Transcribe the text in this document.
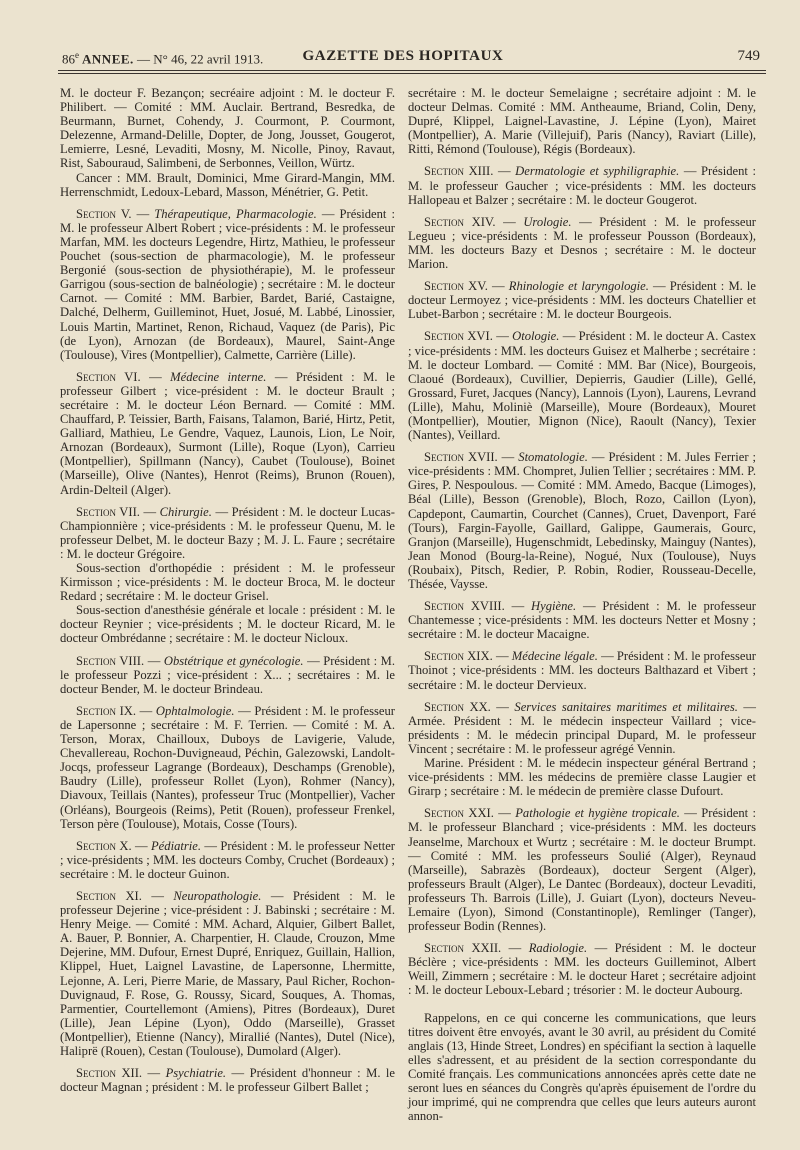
86e ANNEE. — N° 46, 22 avril 1913.	GAZETTE DES HOPITAUX	749

M. le docteur F. Bezançon; secréaire adjoint : M. le docteur F. Philibert. — Comité : MM. Auclair. Bertrand, Besredka, de Beurmann, Burnet, Cohendy, J. Courmont, P. Courmont, Delezenne, Armand-Delille, Dopter, de Jong, Jousset, Gougerot, Lemierre, Lesné, Levaditi, Mosny, M. Nicolle, Pinoy, Ravaut, Rist, Sabouraud, Salimbeni, de Serbonnes, Veillon, Würtz.

Cancer : MM. Brault, Dominici, Mme Girard-Mangin, MM. Herrenschmidt, Ledoux-Lebard, Masson, Ménétrier, G. Petit.

Section V. — Thérapeutique, Pharmacologie. — Président : M. le professeur Albert Robert ; vice-présidents : M. le professeur Marfan, MM. les docteurs Legendre, Hirtz, Mathieu, le professeur Pouchet (sous-section de pharmacologie), M. le professeur Bergonié (sous-section de physiothérapie), M. le professeur Garrigou (sous-section de balnéologie) ; secrétaire : M. le docteur Carnot. — Comité : MM. Barbier, Bardet, Barié, Castaigne, Dalché, Delherm, Guilleminot, Huet, Josué, M. Labbé, Linossier, Louis Martin, Martinet, Renon, Richaud, Vaquez (de Paris), Pic (de Lyon), Arnozan (de Bordeaux), Maurel, Saint-Ange (Toulouse), Vires (Montpellier), Calmette, Carrière (Lille).

Section VI. — Médecine interne. — Président : M. le professeur Gilbert ; vice-président : M. le docteur Brault ; secrétaire : M. le docteur Léon Bernard. — Comité : MM. Chauffard, P. Teissier, Barth, Faisans, Talamon, Barié, Hirtz, Petit, Galliard, Mathieu, Le Gendre, Vaquez, Launois, Lion, Le Noir, Arnozan (Bordeaux), Surmont (Lille), Roque (Lyon), Carrieu (Montpellier), Spillmann (Nancy), Caubet (Toulouse), Boinet (Marseille), Olive (Nantes), Henrot (Reims), Brunon (Rouen), Ardin-Delteil (Alger).

Section VII. — Chirurgie. — Président : M. le docteur Lucas-Championnière ; vice-présidents : M. le professeur Quenu, M. le professeur Delbet, M. le docteur Bazy ; M. J. L. Faure ; secrétaire : M. le docteur Grégoire.

Sous-section d'orthopédie : président : M. le professeur Kirmisson ; vice-présidents : M. le docteur Broca, M. le docteur Redard ; secrétaire : M. le docteur Grisel.

Sous-section d'anesthésie générale et locale : président : M. le docteur Reynier ; vice-présidents ; M. le docteur Ricard, M. le docteur Ombrédanne ; secrétaire : M. le docteur Nicloux.

Section VIII. — Obstétrique et gynécologie. — Président : M. le professeur Pozzi ; vice-président : X... ; secrétaires : M. le docteur Bender, M. le docteur Brindeau.

Section IX. — Ophtalmologie. — Président : M. le professeur de Lapersonne ; secrétaire : M. F. Terrien. — Comité : M. A. Terson, Morax, Chailloux, Duboys de Lavigerie, Valude, Chevallereau, Rochon-Duvigneaud, Péchin, Galezowski, Landolt-Jocqs, professeur Lagrange (Bordeaux), Deschamps (Grenoble), Baudry (Lille), professeur Rollet (Lyon), Rohmer (Nancy), Diavoux, Teillais (Nantes), professeur Truc (Montpellier), Vacher (Orléans), Bourgeois (Reims), Petit (Rouen), professeur Frenkel, Terson père (Toulouse), Motais, Cosse (Tours).

Section X. — Pédiatrie. — Président : M. le professeur Netter ; vice-présidents ; MM. les docteurs Comby, Cruchet (Bordeaux) ; secrétaire : M. le docteur Guinon.

Section XI. — Neuropathologie. — Président : M. le professeur Dejerine ; vice-président : J. Babinski ; secrétaire : M. Henry Meige. — Comité : MM. Achard, Alquier, Gilbert Ballet, A. Bauer, P. Bonnier, A. Charpentier, H. Claude, Crouzon, Mme Dejerine, MM. Dufour, Ernest Dupré, Enriquez, Guillain, Hallion, Klippel, Huet, Laignel Lavastine, de Lapersonne, Lhermitte, Lejonne, A. Leri, Pierre Marie, de Massary, Paul Richer, Rochon-Duvignaud, F. Rose, G. Roussy, Sicard, Souques, A. Thomas, Parmentier, Courtellemont (Amiens), Pitres (Bordeaux), Duret (Lille), Jean Lépine (Lyon), Oddo (Marseille), Grasset (Montpellier), Etienne (Nancy), Mirallié (Nantes), Dutel (Nice), Haliprë (Rouen), Cestan (Toulouse), Dumolard (Alger).

Section XII. — Psychiatrie. — Président d'honneur : M. le docteur Magnan ; président : M. le professeur Gilbert Ballet ;

secrétaire : M. le docteur Semelaigne ; secrétaire adjoint : M. le docteur Delmas. Comité : MM. Antheaume, Briand, Colin, Deny, Dupré, Klippel, Laignel-Lavastine, J. Lépine (Lyon), Mairet (Montpellier), A. Marie (Villejuif), Paris (Nancy), Raviart (Lille), Ritti, Rémond (Toulouse), Régis (Bordeaux).

Section XIII. — Dermatologie et syphiligraphie. — Président : M. le professeur Gaucher ; vice-présidents : MM. les docteurs Hallopeau et Balzer ; secrétaire : M. le docteur Gougerot.

Section XIV. — Urologie. — Président : M. le professeur Legueu ; vice-présidents : M. le professeur Pousson (Bordeaux), MM. les docteurs Bazy et Desnos ; secrétaire : M. le docteur Marion.

Section XV. — Rhinologie et laryngologie. — Président : M. le docteur Lermoyez ; vice-présidents : MM. les docteurs Chatellier et Lubet-Barbon ; secrétaire : M. le docteur Bourgeois.

Section XVI. — Otologie. — Président : M. le docteur A. Castex ; vice-présidents : MM. les docteurs Guisez et Malherbe ; secrétaire : M. le docteur Lombard. — Comité : MM. Bar (Nice), Bourgeois, Claoué (Bordeaux), Cuvillier, Depierris, Gaudier (Lille), Gellé, Grossard, Furet, Jacques (Nancy), Lannois (Lyon), Laurens, Levrand (Lille), Mahu, Moliniè (Marseille), Moure (Bordeaux), Mouret (Montpellier), Moutier, Mignon (Nice), Raoult (Nancy), Texier (Nantes), Veillard.

Section XVII. — Stomatologie. — Président : M. Jules Ferrier ; vice-présidents : MM. Chompret, Julien Tellier ; secrétaires : MM. P. Gires, P. Nespoulous. — Comité : MM. Amedo, Bacque (Limoges), Béal (Lille), Besson (Grenoble), Bloch, Rozo, Caillon (Lyon), Capdepont, Caumartin, Courchet (Cannes), Cruet, Davenport, Faré (Tours), Fargin-Fayolle, Gaillard, Galippe, Gaumerais, Gourc, Granjon (Marseille), Hugenschmidt, Lebedinsky, Mainguy (Nantes), Jean Monod (Bourg-la-Reine), Nogué, Nux (Toulouse), Nuys (Roubaix), Pitsch, Redier, P. Robin, Rodier, Rousseau-Decelle, Thésée, Vaysse.

Section XVIII. — Hygiène. — Président : M. le professeur Chantemesse ; vice-présidents : MM. les docteurs Netter et Mosny ; secrétaire : M. le docteur Macaigne.

Section XIX. — Médecine légale. — Président : M. le professeur Thoinot ; vice-présidents : MM. les docteurs Balthazard et Vibert ; secrétaire : M. le docteur Dervieux.

Section XX. — Services sanitaires maritimes et militaires. — Armée. Président : M. le médecin inspecteur Vaillard ; vice-présidents : M. le médecin principal Dupard, M. le professeur Vincent ; secrétaire : M. le professeur agrégé Vennin.

Marine. Président : M. le médecin inspecteur général Bertrand ; vice-présidents : MM. les médecins de première classe Laugier et Girarp ; secrétaire : M. le médecin de première classe Dufourt.

Section XXI. — Pathologie et hygiène tropicale. — Président : M. le professeur Blanchard ; vice-présidents : MM. les docteurs Jeanselme, Marchoux et Wurtz ; secrétaire : M. le docteur Brumpt. — Comité : MM. les professeurs Soulié (Alger), Reynaud (Marseille), Sabrazès (Bordeaux), docteur Sergent (Alger), professeurs Brault (Alger), Le Dantec (Bordeaux), docteur Levaditi, professeurs Th. Barrois (Lille), J. Guiart (Lyon), docteurs Neveu-Lemaire (Lyon), Simond (Constantinople), Remlinger (Tanger), professeur Bodin (Rennes).

Section XXII. — Radiologie. — Président : M. le docteur Béclère ; vice-présidents : MM. les docteurs Guilleminot, Albert Weill, Zimmern ; secrétaire : M. le docteur Haret ; secrétaire adjoint : M. le docteur Leboux-Lebard ; trésorier : M. le docteur Aubourg.

Rappelons, en ce qui concerne les communications, que leurs titres doivent être envoyés, avant le 30 avril, au président du Comité anglais (13, Hinde Street, Londres) en spécifiant la section à laquelle elles s'adressent, et au président de la section correspondante du Comité français. Les communications annoncées après cette date ne seront lues en séances du Congrès qu'après épuisement de l'ordre du jour imprimé, qui ne comprendra que celles que leurs auteurs auront annon-
